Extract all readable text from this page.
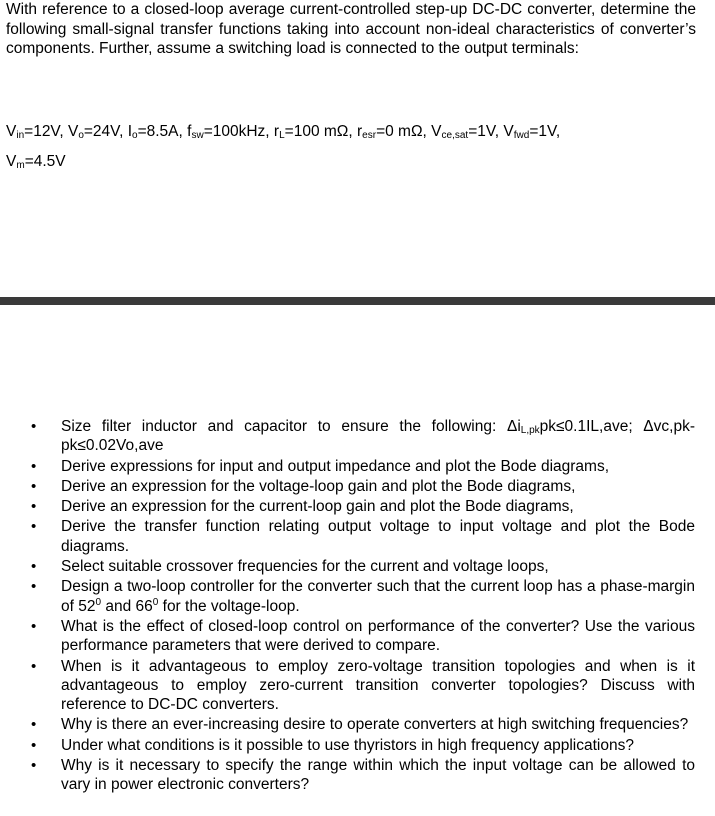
With reference to a closed-loop average current-controlled step-up DC-DC converter, determine the following small-signal transfer functions taking into account non-ideal characteristics of converter’s components. Further, assume a switching load is connected to the output terminals:

$V_{in}=12V$, $V_o=24V$, $I_o=8.5A$, $f_{sw}=100kHz$, $r_L=100$ mΩ, $r_{esr}=0$ mΩ, $V_{ce,sat}=1V$, $V_{fwd}=1V$,
$V_m=4.5V$
• Size filter inductor and capacitor to ensure the following: $\Delta i_{L,pk}pk\le 0.1IL,ave$; Δvc,pk-pk≤0.02Vo,ave
• Derive expressions for input and output impedance and plot the Bode diagrams,
• Derive an expression for the voltage-loop gain and plot the Bode diagrams,
• Derive an expression for the current-loop gain and plot the Bode diagrams,
• Derive the transfer function relating output voltage to input voltage and plot the Bode diagrams.
• Select suitable crossover frequencies for the current and voltage loops,
• Design a two-loop controller for the converter such that the current loop has a phase-margin of $52^0$ and $66^0$ for the voltage-loop.
• What is the effect of closed-loop control on performance of the converter? Use the various performance parameters that were derived to compare.
• When is it advantageous to employ zero-voltage transition topologies and when is it advantageous to employ zero-current transition converter topologies? Discuss with reference to DC-DC converters.
• Why is there an ever-increasing desire to operate converters at high switching frequencies?
• Under what conditions is it possible to use thyristors in high frequency applications?
• Why is it necessary to specify the range within which the input voltage can be allowed to vary in power electronic converters?
